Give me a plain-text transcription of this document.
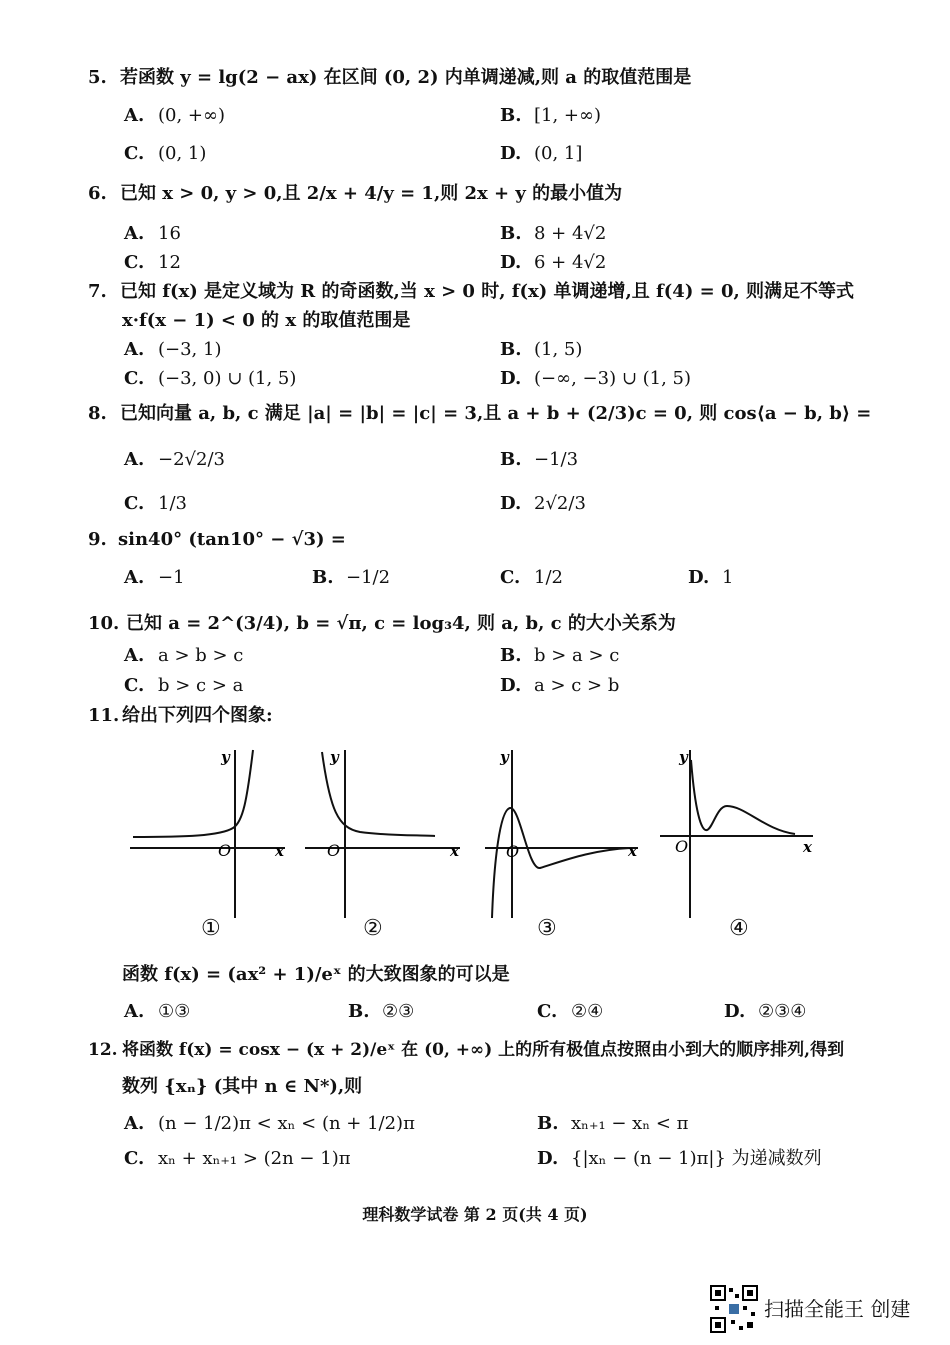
5. 若函数 y = lg(2 − ax) 在区间 (0, 2) 内单调递减,则 a 的取值范围是
A. (0, +∞)	B. [1, +∞)
C. (0, 1)	D. (0, 1]
6. 已知 x > 0, y > 0,且 2/x + 4/y = 1,则 2x + y 的最小值为
A. 16	B. 8 + 4√2
C. 12	D. 6 + 4√2
7. 已知 f(x) 是定义域为 R 的奇函数,当 x > 0 时, f(x) 单调递增,且 f(4) = 0, 则满足不等式
x·f(x − 1) < 0 的 x 的取值范围是
A. (−3, 1)	B. (1, 5)
C. (−3, 0) ∪ (1, 5)	D. (−∞, −3) ∪ (1, 5)
8. 已知向量 a, b, c 满足 |a| = |b| = |c| = 3,且 a + b + (2/3)c = 0, 则 cos⟨a − b, b⟩ =
A. −2√2/3	B. −1/3
C. 1/3	D. 2√2/3
9. sin40° (tan10° − √3) =
A. −1	B. −1/2	C. 1/2	D. 1
10. 已知 a = 2^(3/4), b = √π, c = log₃4, 则 a, b, c 的大小关系为
A. a > b > c	B. b > a > c
C. b > c > a	D. a > c > b
11. 给出下列四个图象:
y
O	x
y
O	x
y
O	x
y
O	x
①	②	③	④
函数 f(x) = (ax² + 1)/eˣ 的大致图象的可以是
A. ①③	B. ②③	C. ②④	D. ②③④
12. 将函数 f(x) = cosx − (x + 2)/eˣ 在 (0, +∞) 上的所有极值点按照由小到大的顺序排列,得到
数列 {xₙ} (其中 n ∈ N*),则
A. (n − 1/2)π < xₙ < (n + 1/2)π	B. xₙ₊₁ − xₙ < π
C. xₙ + xₙ₊₁ > (2n − 1)π	D. {|xₙ − (n − 1)π|} 为递减数列
理科数学试卷 第 2 页(共 4 页)
扫描全能王 创建
